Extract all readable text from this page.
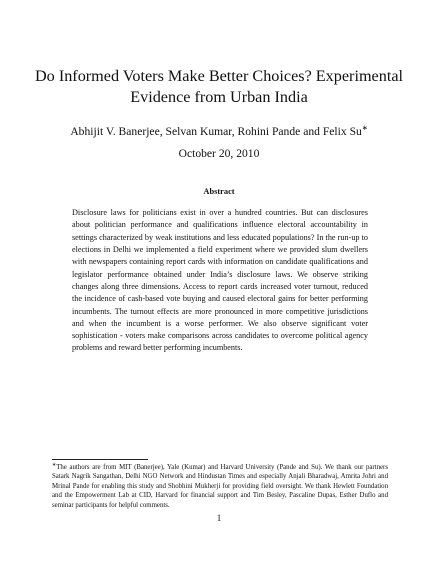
Do Informed Voters Make Better Choices? Experimental Evidence from Urban India
Abhijit V. Banerjee, Selvan Kumar, Rohini Pande and Felix Su∗
October 20, 2010
Abstract

Disclosure laws for politicians exist in over a hundred countries. But can disclosures about politician performance and qualifications influence electoral accountability in settings characterized by weak institutions and less educated populations? In the run-up to elections in Delhi we implemented a field experiment where we provided slum dwellers with newspapers containing report cards with information on candidate qualifications and legislator performance obtained under India’s disclosure laws. We observe striking changes along three dimensions. Access to report cards increased voter turnout, reduced the incidence of cash-based vote buying and caused electoral gains for better performing incumbents. The turnout effects are more pronounced in more competitive jurisdictions and when the incumbent is a worse performer. We also observe significant voter sophistication - voters make comparisons across candidates to overcome political agency problems and reward better performing incumbents.

∗The authors are from MIT (Banerjee), Yale (Kumar) and Harvard University (Pande and Su). We thank our partners Satark Nagrik Sangathan, Delhi NGO Network and Hindustan Times and especially Anjali Bharadwaj, Amrita Johri and Mrinal Pande for enabling this study and Shobhini Mukherji for providing field oversight. We thank Hewlett Foundation and the Empowerment Lab at CID, Harvard for financial support and Tim Besley, Pascaline Dupas, Esther Duflo and seminar participants for helpful comments.

1
